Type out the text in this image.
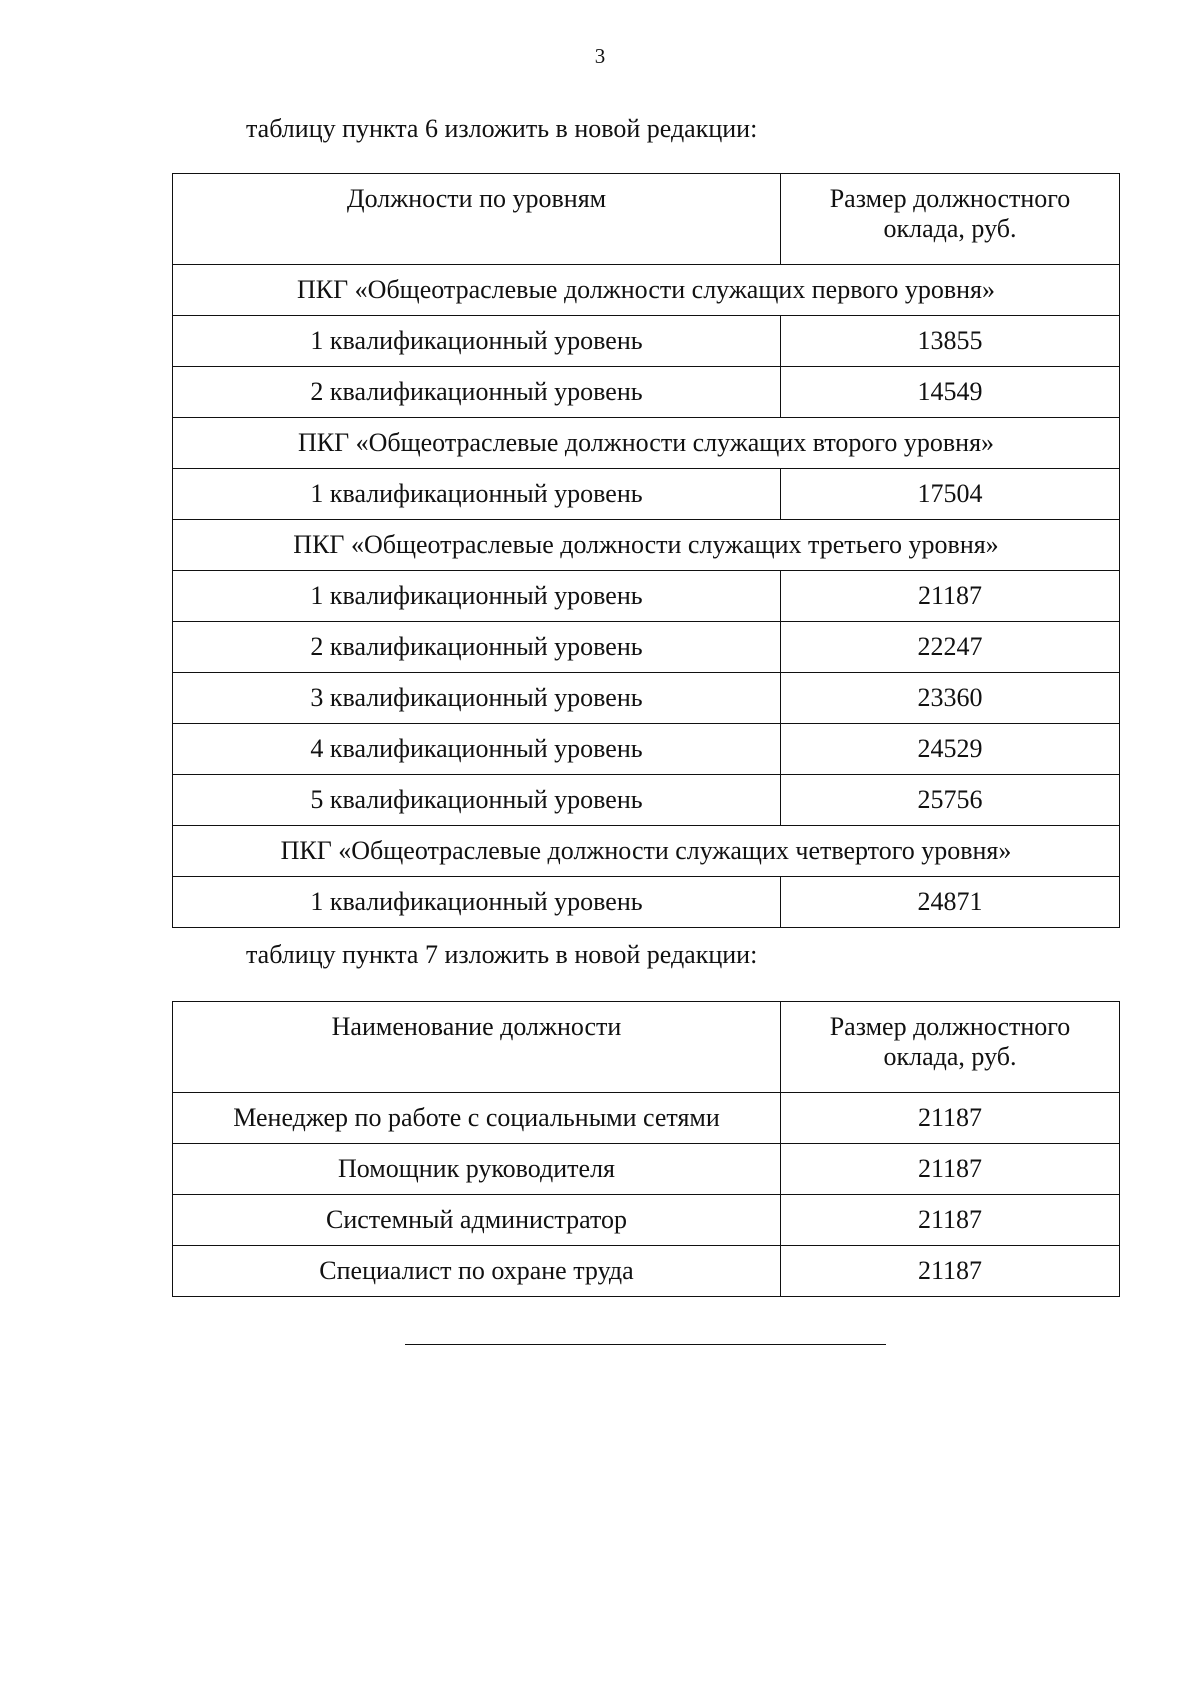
3
таблицу пункта 6 изложить в новой редакции:
Должности по уровням	Размер должностного
оклада, руб.
ПКГ «Общеотраслевые должности служащих первого уровня»	
1 квалификационный уровень	13855
2 квалификационный уровень	14549
ПКГ «Общеотраслевые должности служащих второго уровня»	
1 квалификационный уровень	17504
ПКГ «Общеотраслевые должности служащих третьего уровня»	
1 квалификационный уровень	21187
2 квалификационный уровень	22247
3 квалификационный уровень	23360
4 квалификационный уровень	24529
5 квалификационный уровень	25756
ПКГ «Общеотраслевые должности служащих четвертого уровня»	
1 квалификационный уровень	24871
таблицу пункта 7 изложить в новой редакции:
Наименование должности	Размер должностного
оклада, руб.
Менеджер по работе с социальными сетями	21187
Помощник руководителя	21187
Системный администратор	21187
Специалист по охране труда	21187
